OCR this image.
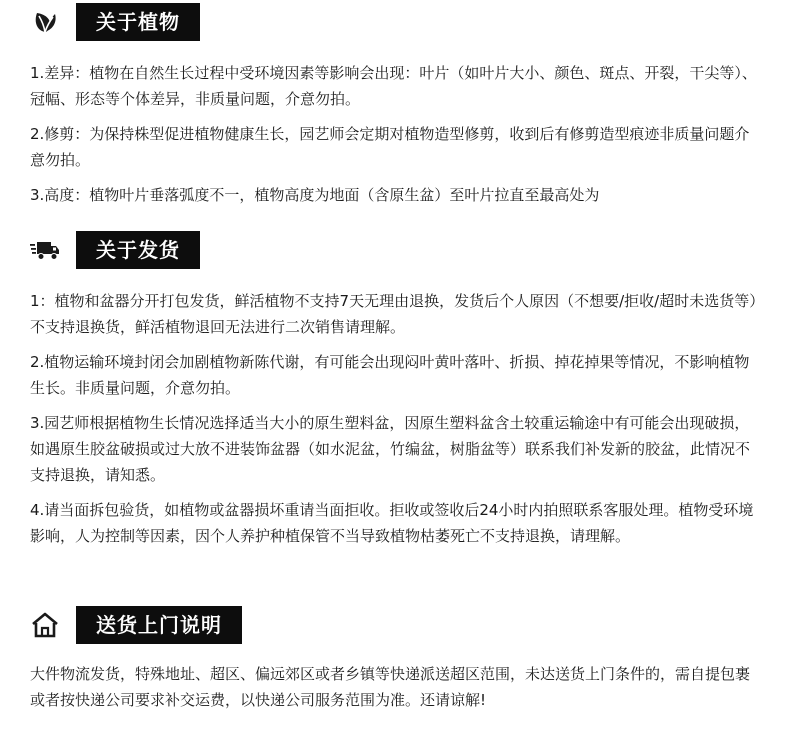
关于植物

1.差异：植物在自然生长过程中受环境因素等影响会出现：叶片（如叶片大小、颜色、斑点、开裂，干尖等）、冠幅、形态等个体差异，非质量问题，介意勿拍。

2.修剪：为保持株型促进植物健康生长，园艺师会定期对植物造型修剪，收到后有修剪造型痕迹非质量问题介意勿拍。

3.高度：植物叶片垂落弧度不一，植物高度为地面（含原生盆）至叶片拉直至最高处为

关于发货

1：植物和盆器分开打包发货，鲜活植物不支持7天无理由退换，发货后个人原因（不想要/拒收/超时未选货等）不支持退换货，鲜活植物退回无法进行二次销售请理解。

2.植物运输环境封闭会加剧植物新陈代谢，有可能会出现闷叶黄叶落叶、折损、掉花掉果等情况，不影响植物生长。非质量问题，介意勿拍。

3.园艺师根据植物生长情况选择适当大小的原生塑料盆，因原生塑料盆含土较重运输途中有可能会出现破损，如遇原生胶盆破损或过大放不进装饰盆器（如水泥盆，竹编盆，树脂盆等）联系我们补发新的胶盆，此情况不支持退换，请知悉。

4.请当面拆包验货，如植物或盆器损坏重请当面拒收。拒收或签收后24小时内拍照联系客服处理。植物受环境影响，人为控制等因素，因个人养护种植保管不当导致植物枯萎死亡不支持退换，请理解。

送货上门说明

大件物流发货，特殊地址、超区、偏远郊区或者乡镇等快递派送超区范围，未达送货上门条件的，需自提包裹或者按快递公司要求补交运费，以快递公司服务范围为准。还请谅解!
